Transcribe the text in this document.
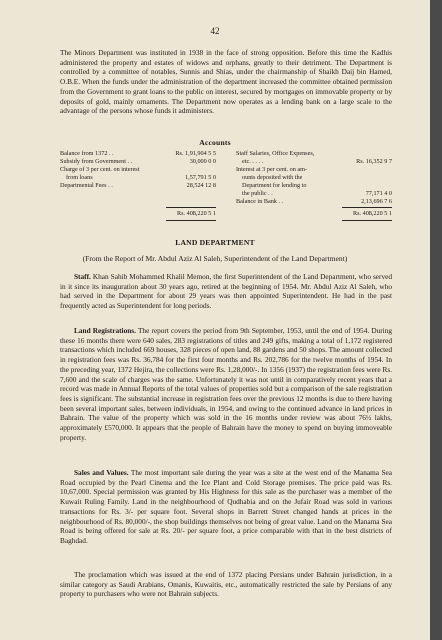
42

The Minors Department was instituted in 1938 in the face of strong opposition. Before this time the Kadhis administered the property and estates of widows and orphans, greatly to their detriment. The Department is controlled by a committee of notables, Sunnis and Shias, under the chairmanship of Shaikh Daij bin Hamed, O.B.E. When the funds under the administration of the department increased the committee obtained permission from the Government to grant loans to the public on interest, secured by mortgages on immovable property or by deposits of gold, mainly ornaments. The Department now operates as a lending bank on a large scale to the advantage of the persons whose funds it administers.

Accounts
Balance from 1372 . .	Rs. 1,91,904 5 5
Subsidy from Government . .	30,000 0 0
Charge of 3 per cent. on interest
from loans	1,57,791 5 0
Departmental Fees . .	28,524 12 8
Staff Salaries, Office Expenses,
etc. . . . .	Rs. 16,352 9 7
Interest at 3 per cent. on am-
ounts deposited with the
Department for lending to
the public . .	77,171 4 0
Balance in Bank . .	2,13,696 7 6
Rs. 408,220 5 1	Rs. 408,220 5 1
LAND DEPARTMENT
(From the Report of Mr. Abdul Aziz Al Saleh, Superintendent of the Land Department)

Staff. Khan Sahib Mohammed Khalil Memon, the first Superintendent of the Land Department, who served in it since its inauguration about 30 years ago, retired at the beginning of 1954. Mr. Abdul Aziz Al Saleh, who had served in the Department for about 29 years was then appointed Superintendent. He had in the past frequently acted as Superintendent for long periods.

Land Registrations. The report covers the period from 9th September, 1953, until the end of 1954. During these 16 months there were 640 sales, 283 registrations of titles and 249 gifts, making a total of 1,172 registered transactions which included 669 houses, 328 pieces of open land, 88 gardens and 50 shops. The amount collected in registration fees was Rs. 36,784 for the first four months and Rs. 202,786 for the twelve months of 1954. In the preceding year, 1372 Hejira, the collections were Rs. 1,28,000/-. In 1356 (1937) the registration fees were Rs. 7,600 and the scale of charges was the same. Unfortunately it was not until in comparatively recent years that a record was made in Annual Reports of the total values of properties sold but a comparison of the sale registration fees is significant. The substantial increase in registration fees over the previous 12 months is due to there having been several important sales, between individuals, in 1954, and owing to the continued advance in land prices in Bahrain. The value of the property which was sold in the 16 months under review was about 76½ lakhs, approximately £570,000. It appears that the people of Bahrain have the money to spend on buying immoveable property.

Sales and Values. The most important sale during the year was a site at the west end of the Manama Sea Road occupied by the Pearl Cinema and the Ice Plant and Cold Storage premises. The price paid was Rs. 10,67,000. Special permission was granted by His Highness for this sale as the purchaser was a member of the Kuwait Ruling Family. Land in the neighbourhood of Qudhabia and on the Jufair Road was sold in various transactions for Rs. 3/- per square foot. Several shops in Barrett Street changed hands at prices in the neighbourhood of Rs. 80,000/-, the shop buildings themselves not being of great value. Land on the Manama Sea Road is being offered for sale at Rs. 20/- per square foot, a price comparable with that in the best districts of Baghdad.

The proclamation which was issued at the end of 1372 placing Persians under Bahrain jurisdiction, in a similar category as Saudi Arabians, Omanis, Kuwaitis, etc., automatically restricted the sale by Persians of any property to purchasers who were not Bahrain subjects.
